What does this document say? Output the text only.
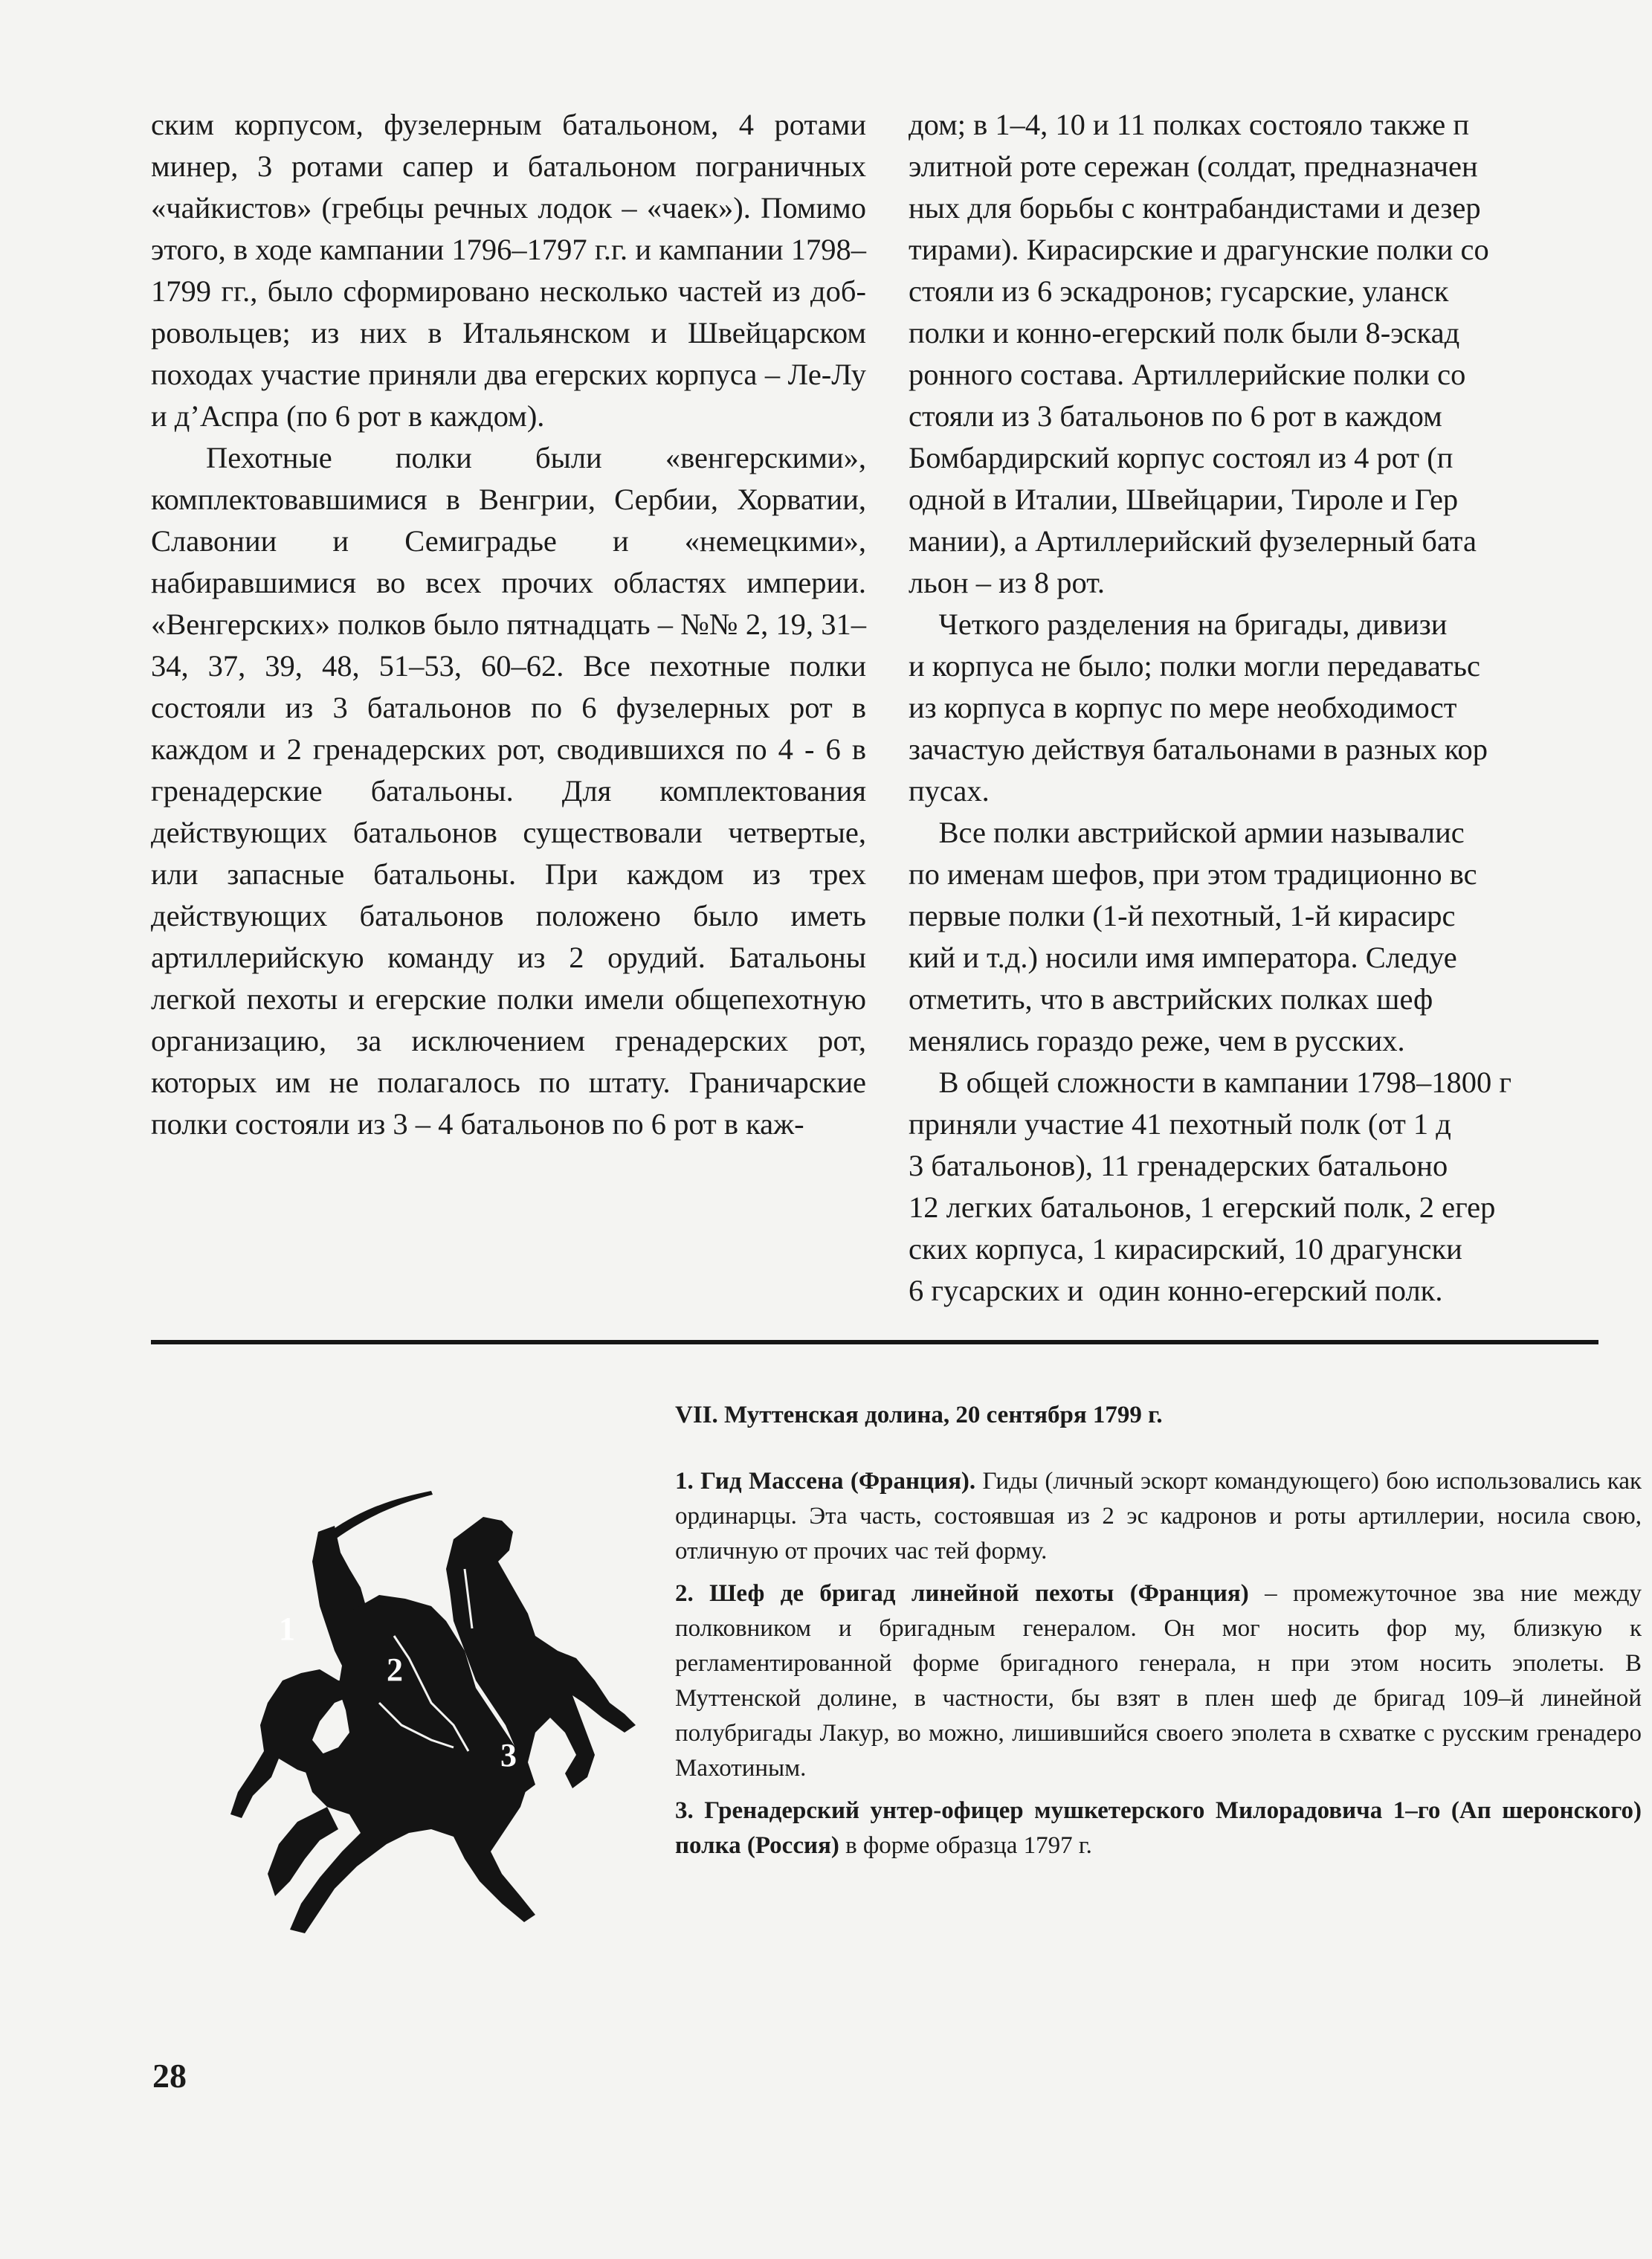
ским корпусом, фузелерным батальоном, 4 ротами минер, 3 ротами сапер и батальоном пограничных «чайкистов» (гребцы речных лодок – «чаек»). Помимо этого, в ходе кампании 1796–1797 г.г. и кампании 1798–1799 гг., было сформировано несколько частей из добровольцев; из них в Итальянском и Швейцарском походах участие приняли два егерских корпуса – Ле-Лу и д’Аспра (по 6 рот в каждом).

Пехотные полки были «венгерскими», комплектовавшимися в Венгрии, Сербии, Хорватии, Славонии и Семиградье и «немецкими», набиравшимися во всех прочих областях империи. «Венгерских» полков было пятнадцать – №№ 2, 19, 31–34, 37, 39, 48, 51–53, 60–62. Все пехотные полки состояли из 3 батальонов по 6 фузелерных рот в каждом и 2 гренадерских рот, сводившихся по 4 - 6 в гренадерские батальоны. Для комплектования действующих батальонов существовали четвертые, или запасные батальоны. При каждом из трех действующих батальонов положено было иметь артиллерийскую команду из 2 орудий. Батальоны легкой пехоты и егерские полки имели общепехотную организацию, за исключением гренадерских рот, которых им не полагалось по штату. Граничарские полки состояли из 3 – 4 батальонов по 6 рот в каж-

дом; в 1–4, 10 и 11 полках состояло также п
элитной роте сережан (солдат, предназначен
ных для борьбы с контрабандистами и дезер
тирами). Кирасирские и драгунские полки со
стояли из 6 эскадронов; гусарские, уланск
полки и конно-егерский полк были 8-эскад
ронного состава. Артиллерийские полки со
стояли из 3 батальонов по 6 рот в каждом
Бомбардирский корпус состоял из 4 рот (п
одной в Италии, Швейцарии, Тироле и Гер
мании), а Артиллерийский фузелерный бата
льон – из 8 рот.
Четкого разделения на бригады, дивизи
и корпуса не было; полки могли передаватьс
из корпуса в корпус по мере необходимост
зачастую действуя батальонами в разных кор
пусах.
Все полки австрийской армии называлис
по именам шефов, при этом традиционно вс
первые полки (1-й пехотный, 1-й кирасирс
кий и т.д.) носили имя императора. Следуе
отметить, что в австрийских полках шеф
менялись гораздо реже, чем в русских.
В общей сложности в кампании 1798–1800 г
приняли участие 41 пехотный полк (от 1 д
3 батальонов), 11 гренадерских батальоно
12 легких батальонов, 1 егерский полк, 2 егер
ских корпуса, 1 кирасирский, 10 драгунски
6 гусарских и  один конно-егерский полк.
1
2
3

VII. Муттенская долина, 20 сентября 1799 г.

1. Гид Массена (Франция). Гиды (личный эскорт командующего) бою использовались как ординарцы. Эта часть, состоявшая из 2 эс кадронов и роты артиллерии, носила свою, отличную от прочих час тей форму.

2. Шеф де бригад линейной пехоты (Франция) – промежуточное зва ние между полковником и бригадным генералом. Он мог носить фор му, близкую к регламентированной форме бригадного генерала, н при этом носить эполеты. В Муттенской долине, в частности, бы взят в плен шеф де бригад 109–й линейной полубригады Лакур, во можно, лишившийся своего эполета в схватке с русским гренадеро Махотиным.

3. Гренадерский унтер-офицер мушкетерского Милорадовича 1–го (Ап шеронского) полка (Россия) в форме образца 1797 г.

28
